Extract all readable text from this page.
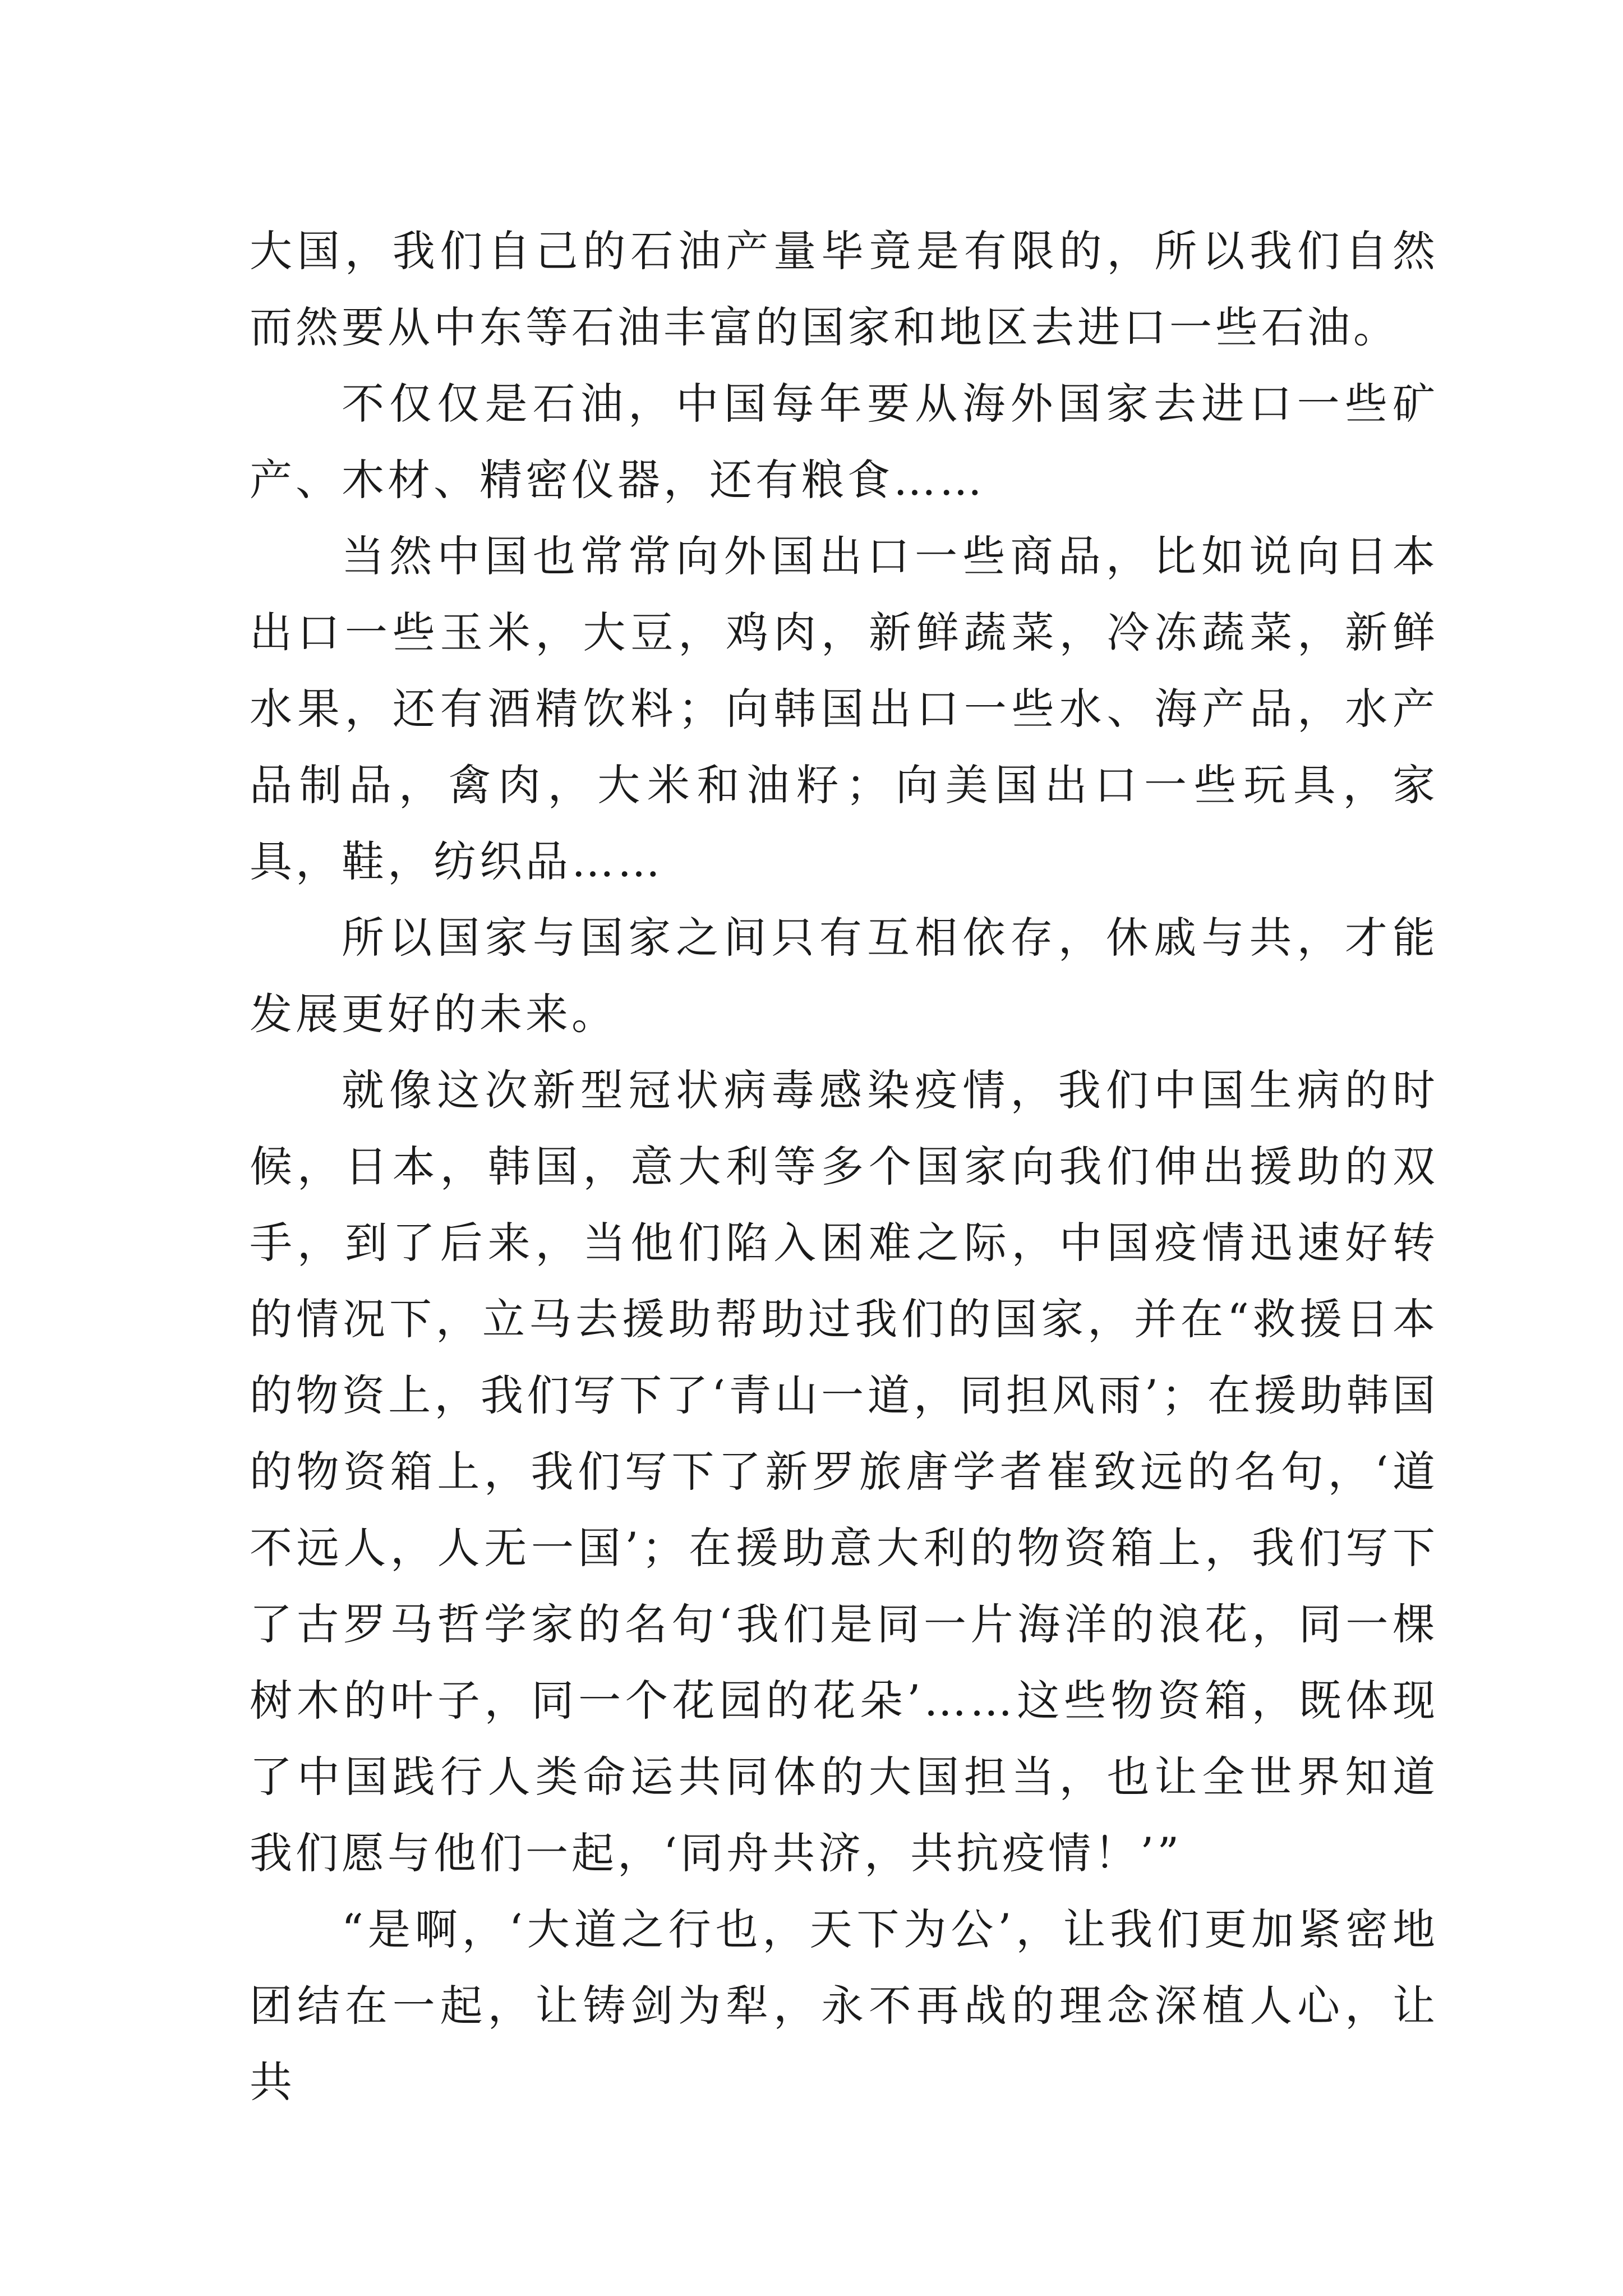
大国，我们自己的石油产量毕竟是有限的，所以我们自然而然要从中东等石油丰富的国家和地区去进口一些石油。

不仅仅是石油，中国每年要从海外国家去进口一些矿产、木材、精密仪器，还有粮食……

当然中国也常常向外国出口一些商品，比如说向日本出口一些玉米，大豆，鸡肉，新鲜蔬菜，冷冻蔬菜，新鲜水果，还有酒精饮料；向韩国出口一些水、海产品，水产品制品，禽肉，大米和油籽；向美国出口一些玩具，家具，鞋，纺织品……

所以国家与国家之间只有互相依存，休戚与共，才能发展更好的未来。

就像这次新型冠状病毒感染疫情，我们中国生病的时候，日本，韩国，意大利等多个国家向我们伸出援助的双手，到了后来，当他们陷入困难之际，中国疫情迅速好转的情况下，立马去援助帮助过我们的国家，并在“救援日本的物资上，我们写下了‘青山一道，同担风雨’；在援助韩国的物资箱上，我们写下了新罗旅唐学者崔致远的名句，‘道不远人，人无一国’；在援助意大利的物资箱上，我们写下了古罗马哲学家的名句‘我们是同一片海洋的浪花，同一棵树木的叶子，同一个花园的花朵’……这些物资箱，既体现了中国践行人类命运共同体的大国担当，也让全世界知道我们愿与他们一起，‘同舟共济，共抗疫情！’”

“是啊，‘大道之行也，天下为公’，让我们更加紧密地团结在一起，让铸剑为犁，永不再战的理念深植人心，让共
